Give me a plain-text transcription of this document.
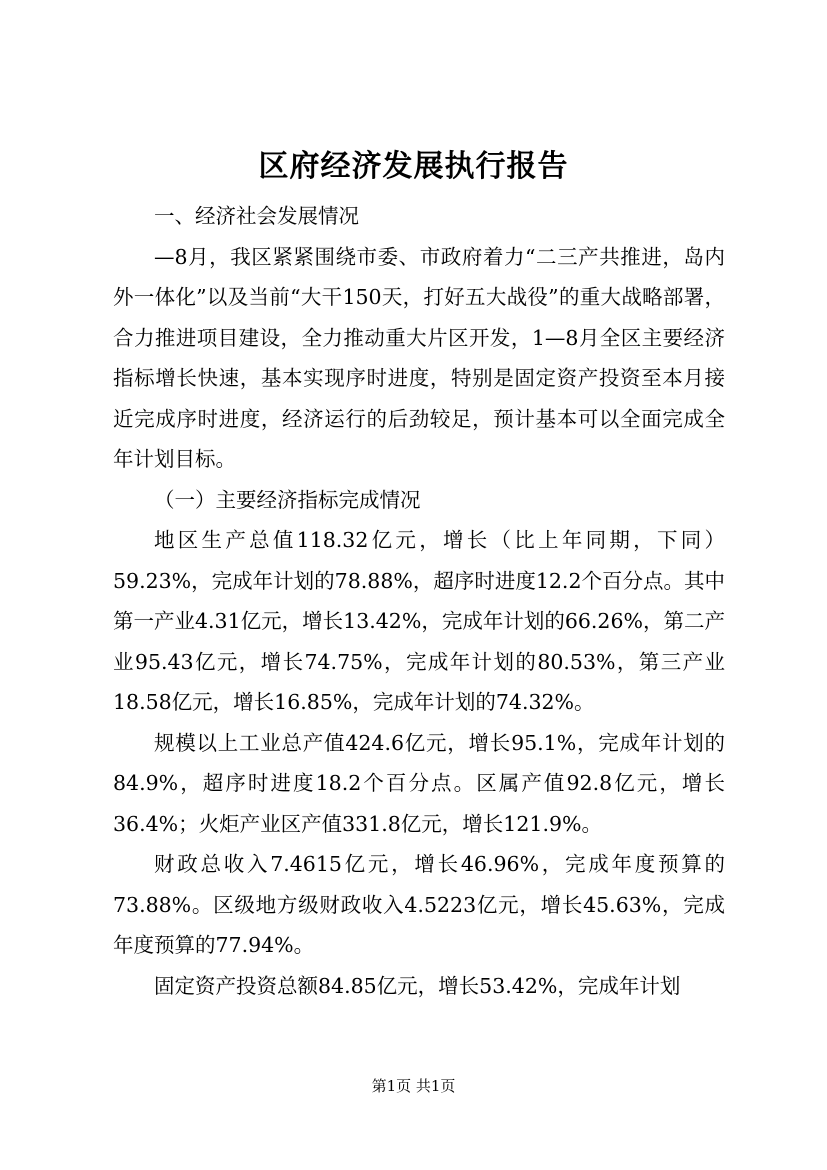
区府经济发展执行报告

一、经济社会发展情况

—8月，我区紧紧围绕市委、市政府着力“二三产共推进，岛内外一体化”以及当前“大干150天，打好五大战役”的重大战略部署，合力推进项目建设，全力推动重大片区开发，1—8月全区主要经济指标增长快速，基本实现序时进度，特别是固定资产投资至本月接近完成序时进度，经济运行的后劲较足，预计基本可以全面完成全年计划目标。

（一）主要经济指标完成情况

地区生产总值118.32亿元，增长（比上年同期，下同）59.23%，完成年计划的78.88%，超序时进度12.2个百分点。其中第一产业4.31亿元，增长13.42%，完成年计划的66.26%，第二产业95.43亿元，增长74.75%，完成年计划的80.53%，第三产业18.58亿元，增长16.85%，完成年计划的74.32%。

规模以上工业总产值424.6亿元，增长95.1%，完成年计划的84.9%，超序时进度18.2个百分点。区属产值92.8亿元，增长36.4%；火炬产业区产值331.8亿元，增长121.9%。

财政总收入7.4615亿元，增长46.96%，完成年度预算的73.88%。区级地方级财政收入4.5223亿元，增长45.63%，完成年度预算的77.94%。

固定资产投资总额84.85亿元，增长53.42%，完成年计划

第1页 共1页
